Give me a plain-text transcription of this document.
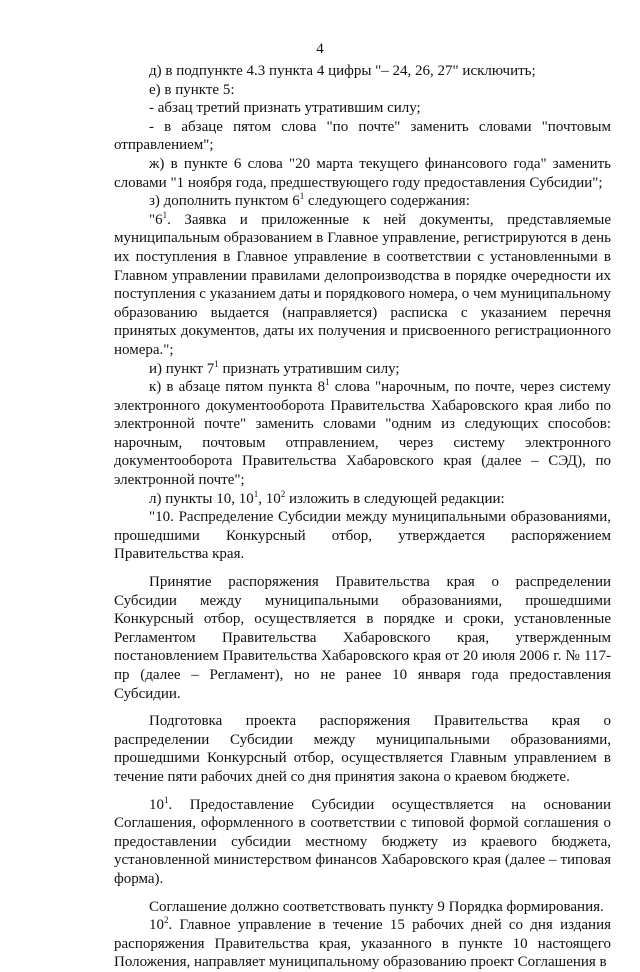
4

д) в подпункте 4.3 пункта 4 цифры "– 24, 26, 27" исключить;

е) в пункте 5:

- абзац третий признать утратившим силу;

- в абзаце пятом слова "по почте" заменить словами "почтовым отправлением";

ж) в пункте 6 слова "20 марта текущего финансового года" заменить словами "1 ноября года, предшествующего году предоставления Субсидии";

з) дополнить пунктом $6^1$ следующего содержания:

"$6^1$. Заявка и приложенные к ней документы, представляемые муниципальным образованием в Главное управление, регистрируются в день их поступления в Главное управление в соответствии с установленными в Главном управлении правилами делопроизводства в порядке очередности их поступления с указанием даты и порядкового номера, о чем муниципальному образованию выдается (направляется) расписка с указанием перечня принятых документов, даты их получения и присвоенного регистрационного номера.";

и) пункт $7^1$ признать утратившим силу;

к) в абзаце пятом пункта $8^1$ слова "нарочным, по почте, через систему электронного документооборота Правительства Хабаровского края либо по электронной почте" заменить словами "одним из следующих способов: нарочным, почтовым отправлением, через систему электронного документооборота Правительства Хабаровского края (далее – СЭД), по электронной почте";

л) пункты 10, $10^1$, $10^2$ изложить в следующей редакции:

"10. Распределение Субсидии между муниципальными образованиями, прошедшими Конкурсный отбор, утверждается распоряжением Правительства края.

Принятие распоряжения Правительства края о распределении Субсидии между муниципальными образованиями, прошедшими Конкурсный отбор, осуществляется в порядке и сроки, установленные Регламентом Правительства Хабаровского края, утвержденным постановлением Правительства Хабаровского края от 20 июля 2006 г. № 117-пр (далее – Регламент), но не ранее 10 января года предоставления Субсидии.

Подготовка проекта распоряжения Правительства края о распределении Субсидии между муниципальными образованиями, прошедшими Конкурсный отбор, осуществляется Главным управлением в течение пяти рабочих дней со дня принятия закона о краевом бюджете.

$10^1$. Предоставление Субсидии осуществляется на основании Соглашения, оформленного в соответствии с типовой формой соглашения о предоставлении субсидии местному бюджету из краевого бюджета, установленной министерством финансов Хабаровского края (далее – типовая форма).

Соглашение должно соответствовать пункту 9 Порядка формирования.

$10^2$. Главное управление в течение 15 рабочих дней со дня издания распоряжения Правительства края, указанного в пункте 10 настоящего Положения, направляет муниципальному образованию проект Соглашения в
